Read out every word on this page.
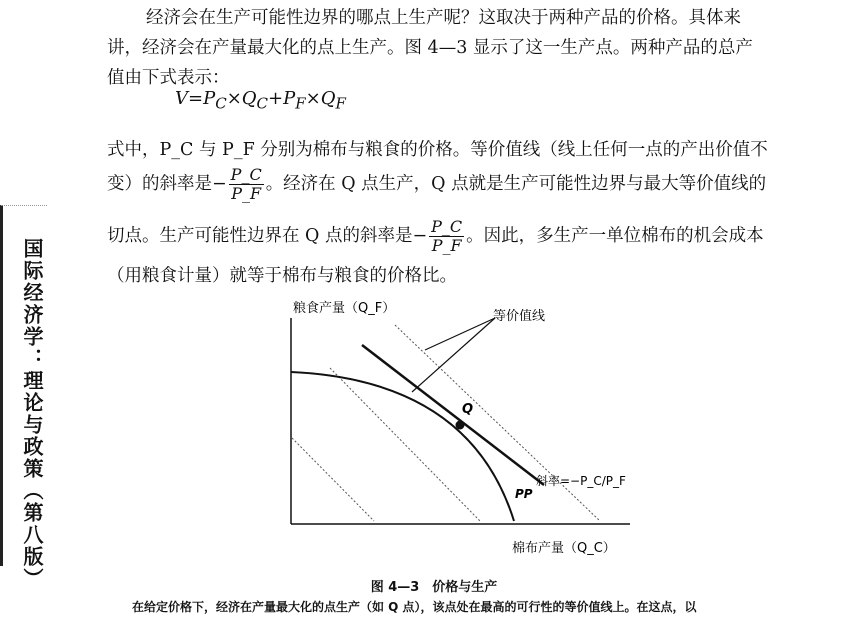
国际经济学：理论与政策（第八版）
经济会在生产可能性边界的哪点上生产呢？这取决于两种产品的价格。具体来
讲，经济会在产量最大化的点上生产。图 4—3 显示了这一生产点。两种产品的总产
值由下式表示：
$V=P_C\times Q_C+P_F\times Q_F$
式中，P_C 与 P_F 分别为棉布与粮食的价格。等价值线（线上任何一点的产出价值不
变）的斜率是− $\frac{P\_C}{P\_F}$ 。经济在 Q 点生产，Q 点就是生产可能性边界与最大等价值线的
切点。生产可能性边界在 Q 点的斜率是− $\frac{P\_C}{P\_F}$ 。因此，多生产一单位棉布的机会成本
（用粮食计量）就等于棉布与粮食的价格比。
Q
粮食产量（Q_F）
等价值线
斜率=−P_C/P_F
PP
棉布产量（Q_C）
图 4—3　价格与生产
在给定价格下，经济在产量最大化的点生产（如 Q 点），该点处在最高的可行性的等价值线上。在这点，以
